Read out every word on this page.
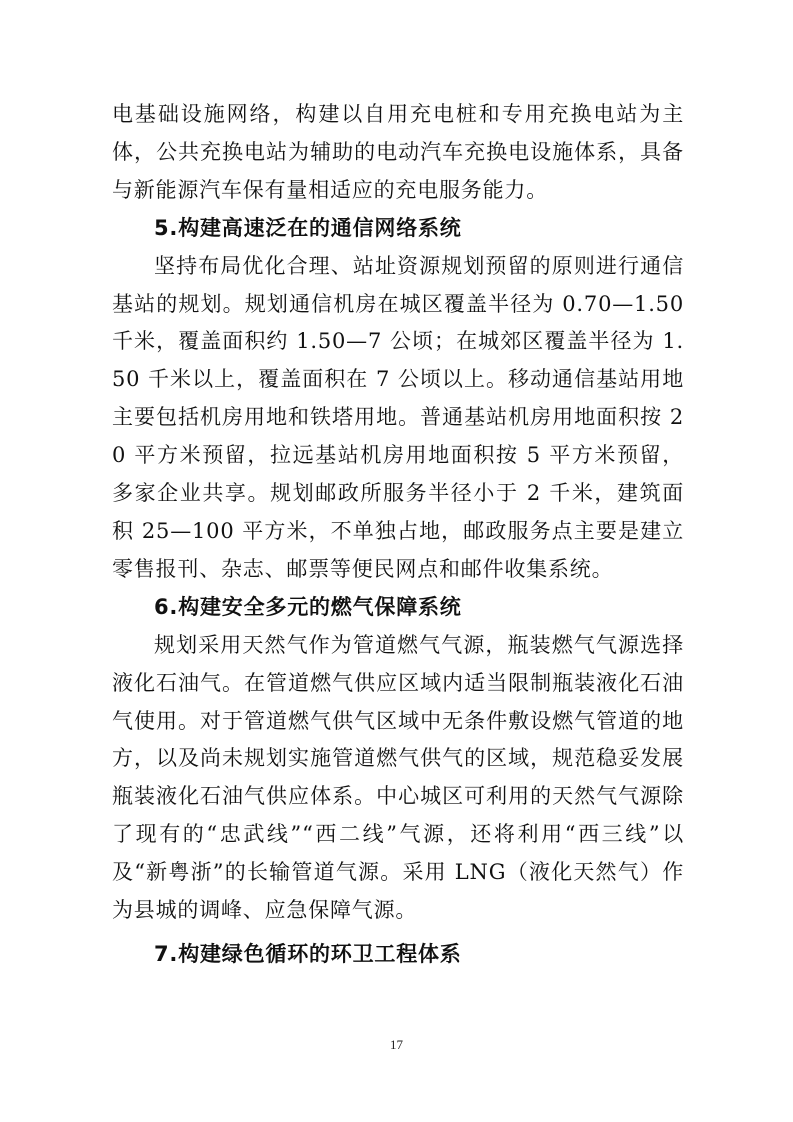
电基础设施网络，构建以自用充电桩和专用充换电站为主体，公共充换电站为辅助的电动汽车充换电设施体系，具备与新能源汽车保有量相适应的充电服务能力。

5.构建高速泛在的通信网络系统

坚持布局优化合理、站址资源规划预留的原则进行通信基站的规划。规划通信机房在城区覆盖半径为 0.70—1.50 千米，覆盖面积约 1.50—7 公顷；在城郊区覆盖半径为 1.50 千米以上，覆盖面积在 7 公顷以上。移动通信基站用地主要包括机房用地和铁塔用地。普通基站机房用地面积按 20 平方米预留，拉远基站机房用地面积按 5 平方米预留，多家企业共享。规划邮政所服务半径小于 2 千米，建筑面积 25—100 平方米，不单独占地，邮政服务点主要是建立零售报刊、杂志、邮票等便民网点和邮件收集系统。

6.构建安全多元的燃气保障系统

规划采用天然气作为管道燃气气源，瓶装燃气气源选择液化石油气。在管道燃气供应区域内适当限制瓶装液化石油气使用。对于管道燃气供气区域中无条件敷设燃气管道的地方，以及尚未规划实施管道燃气供气的区域，规范稳妥发展瓶装液化石油气供应体系。中心城区可利用的天然气气源除了现有的“忠武线”“西二线”气源，还将利用“西三线”以及“新粤浙”的长输管道气源。采用 LNG（液化天然气）作为县城的调峰、应急保障气源。

7.构建绿色循环的环卫工程体系
17
